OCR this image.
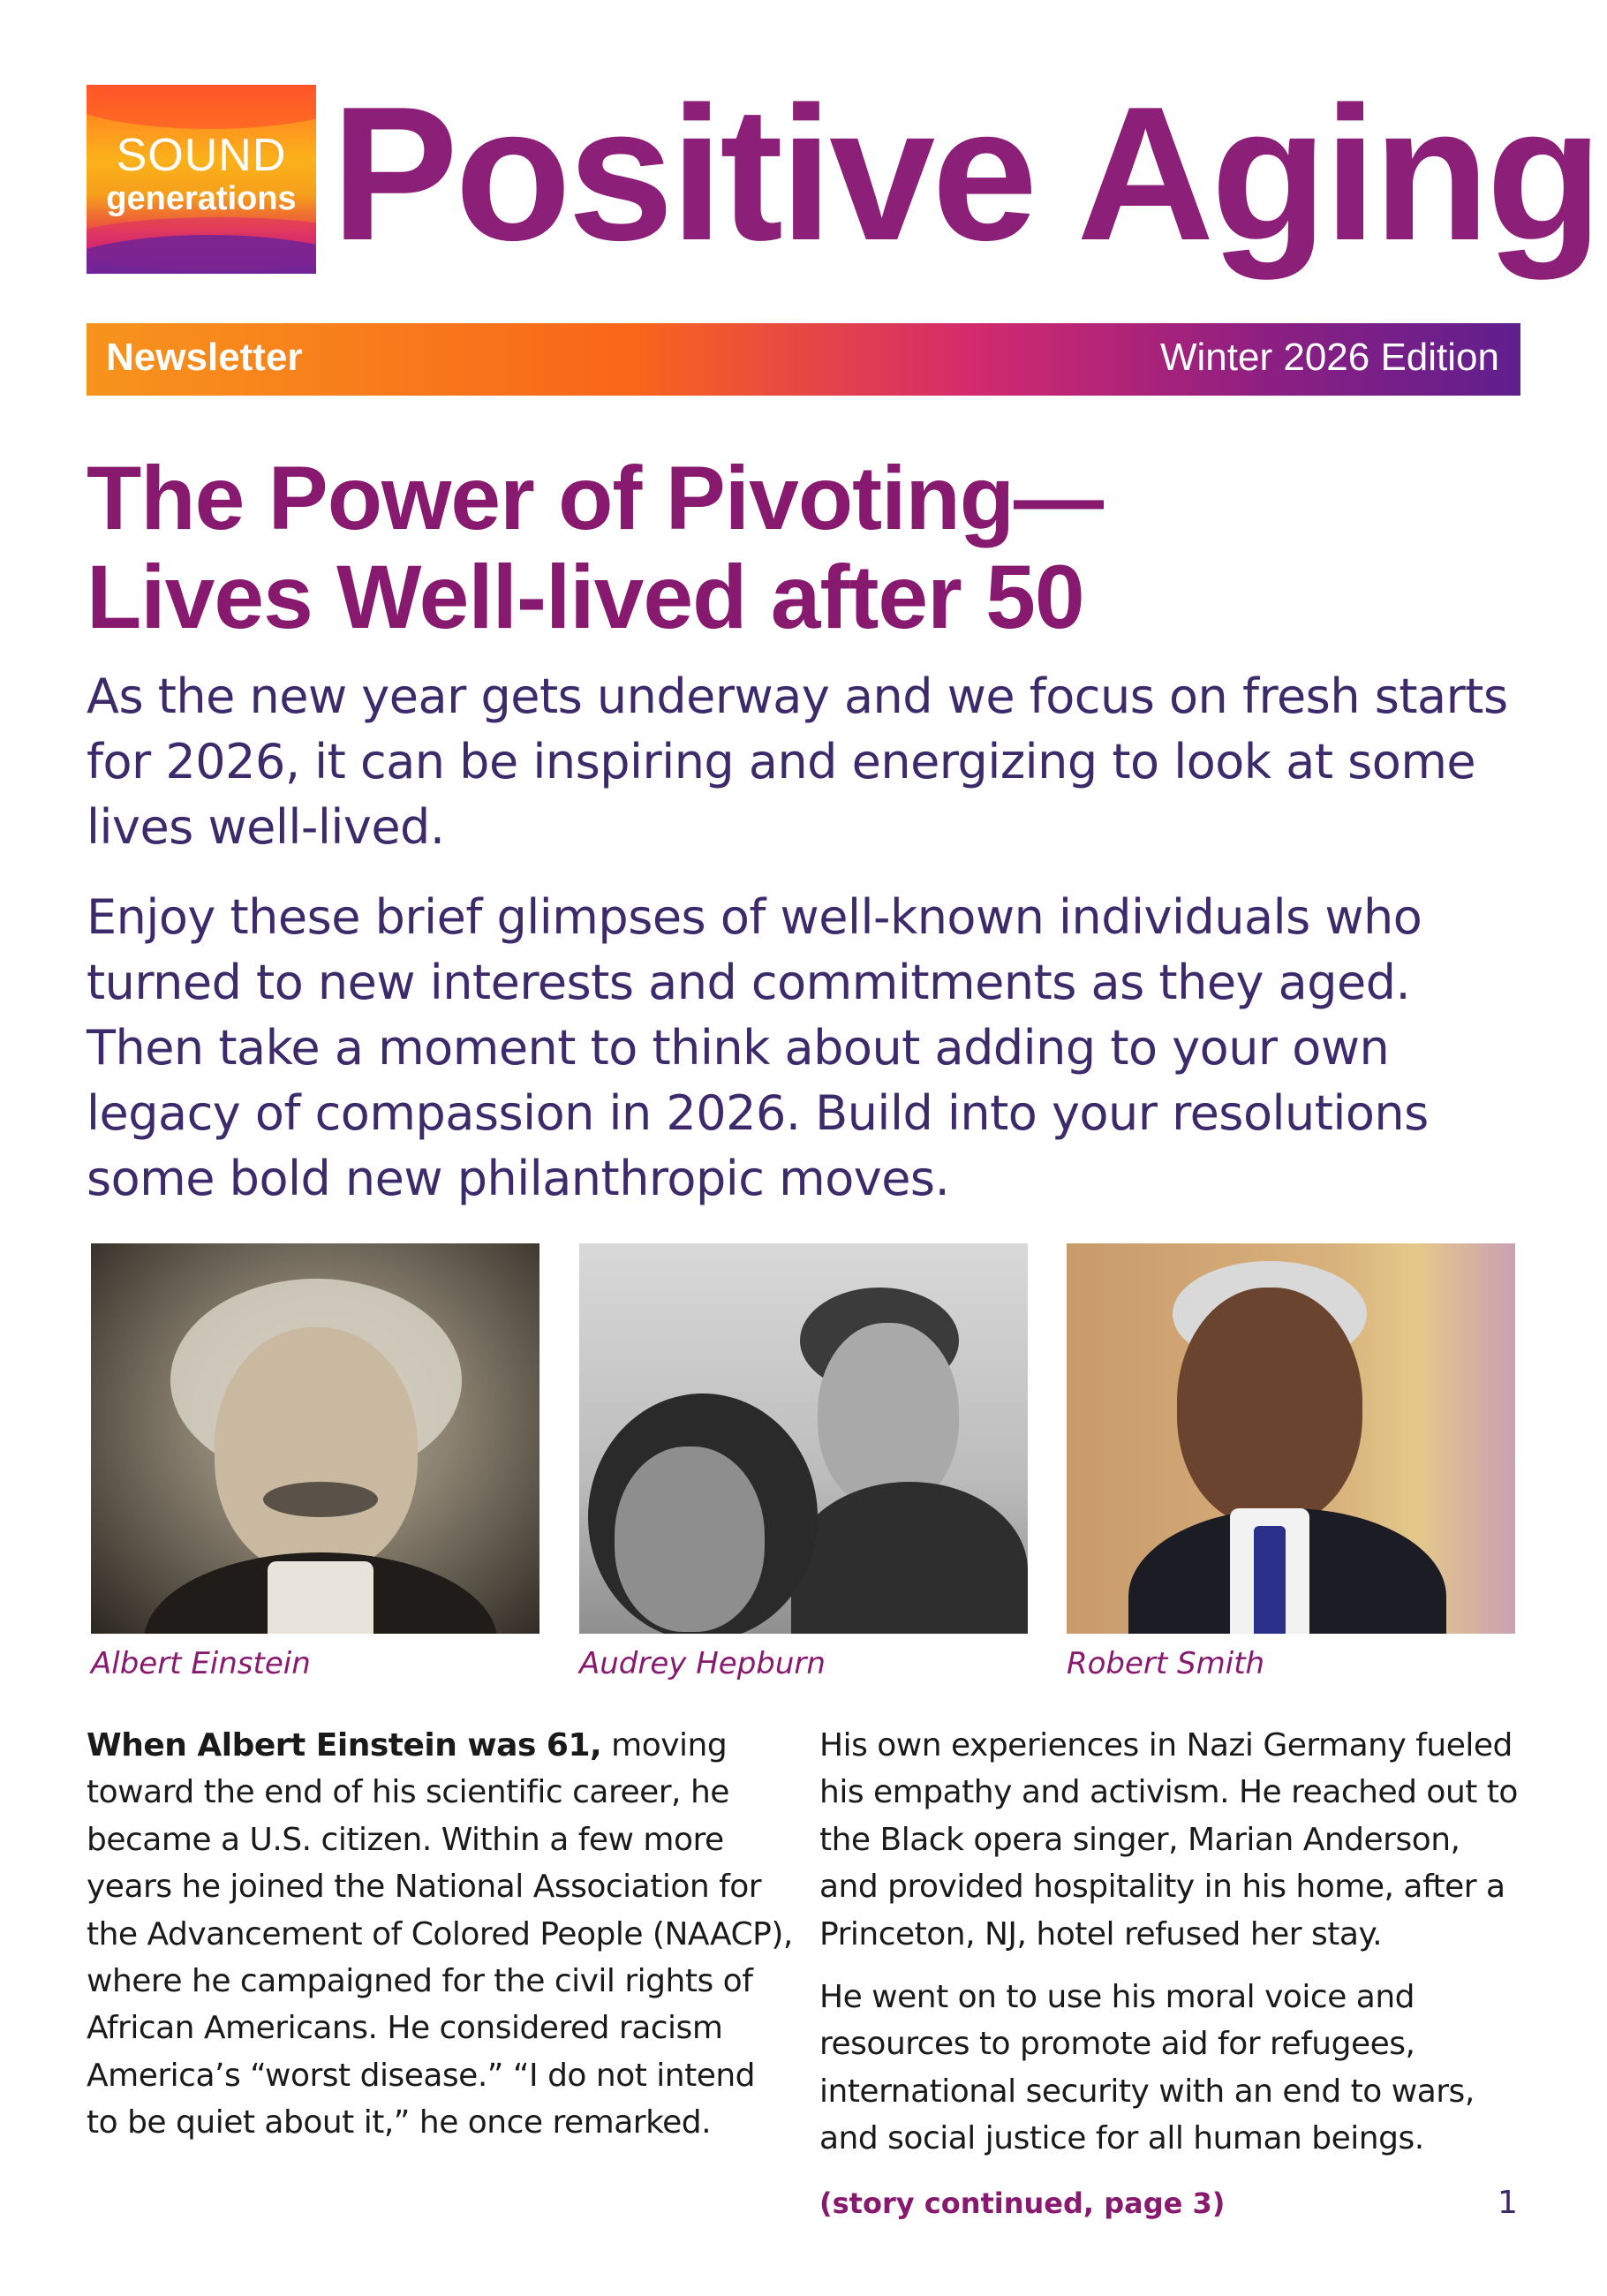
SOUND
generations Positive Aging
Newsletter	Winter 2026 Edition
The Power of Pivoting—
Lives Well-lived after 50
As the new year gets underway and we focus on fresh starts for 2026, it can be inspiring and energizing to look at some lives well-lived.
Enjoy these brief glimpses of well-known individuals who turned to new interests and commitments as they aged. Then take a moment to think about adding to your own legacy of compassion in 2026. Build into your resolutions some bold new philanthropic moves.
Albert Einstein	Audrey Hepburn	Robert Smith

When Albert Einstein was 61, moving toward the end of his scientific career, he became a U.S. citizen. Within a few more years he joined the National Association for the Advancement of Colored People (NAACP), where he campaigned for the civil rights of African Americans. He considered racism America’s “worst disease.” “I do not intend to be quiet about it,” he once remarked.

His own experiences in Nazi Germany fueled his empathy and activism. He reached out to the Black opera singer, Marian Anderson, and provided hospitality in his home, after a Princeton, NJ, hotel refused her stay.

He went on to use his moral voice and resources to promote aid for refugees, international security with an end to wars, and social justice for all human beings.

(story continued, page 3)	1
